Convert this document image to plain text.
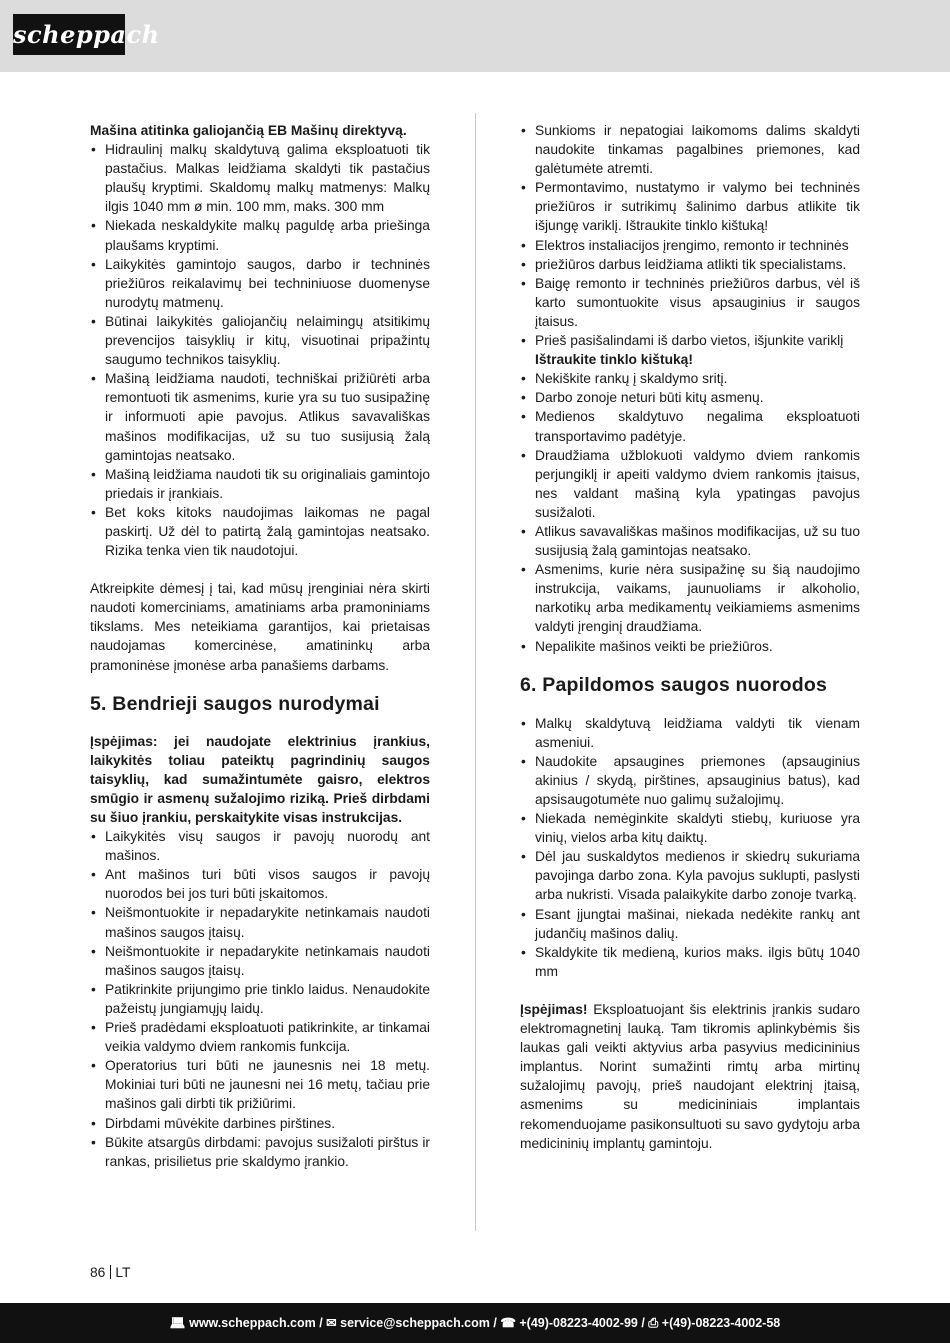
scheppach

Mašina atitinka galiojančią EB Mašinų direktyvą.

• Hidraulinį malkų skaldytuvą galima eksploatuoti tik pastačius. Malkas leidžiama skaldyti tik pastačius plaušų kryptimi. Skaldomų malkų matmenys: Malkų ilgis 1040 mm ø min. 100 mm, maks. 300 mm
• Niekada neskaldykite malkų paguldę arba priešinga plaušams kryptimi.
• Laikykitės gamintojo saugos, darbo ir techninės priežiūros reikalavimų bei techniniuose duomenyse nurodytų matmenų.
• Būtinai laikykitės galiojančių nelaimingų atsitikimų prevencijos taisyklių ir kitų, visuotinai pripažintų saugumo technikos taisyklių.
• Mašiną leidžiama naudoti, techniškai prižiūrėti arba remontuoti tik asmenims, kurie yra su tuo susipažinę ir informuoti apie pavojus. Atlikus savavališkas mašinos modifikacijas, už su tuo susijusią žalą gamintojas neatsako.
• Mašiną leidžiama naudoti tik su originaliais gamintojo priedais ir įrankiais.
• Bet koks kitoks naudojimas laikomas ne pagal paskirtį. Už dėl to patirtą žalą gamintojas neatsako. Rizika tenka vien tik naudotojui.

Atkreipkite dėmesį į tai, kad mūsų įrenginiai nėra skirti naudoti komerciniams, amatiniams arba pramoniniams tikslams. Mes neteikiama garantijos, kai prietaisas naudojamas komercinėse, amatininkų arba pramoninėse įmonėse arba panašiems darbams.

5. Bendrieji saugos nurodymai

Įspėjimas: jei naudojate elektrinius įrankius, laikykitės toliau pateiktų pagrindinių saugos taisyklių, kad sumažintumėte gaisro, elektros smūgio ir asmenų sužalojimo riziką. Prieš dirbdami su šiuo įrankiu, perskaitykite visas instrukcijas.

• Laikykitės visų saugos ir pavojų nuorodų ant mašinos.
• Ant mašinos turi būti visos saugos ir pavojų nuorodos bei jos turi būti įskaitomos.
• Neišmontuokite ir nepadarykite netinkamais naudoti mašinos saugos įtaisų.
• Neišmontuokite ir nepadarykite netinkamais naudoti mašinos saugos įtaisų.
• Patikrinkite prijungimo prie tinklo laidus. Nenaudokite pažeistų jungiamųjų laidų.
• Prieš pradėdami eksploatuoti patikrinkite, ar tinkamai veikia valdymo dviem rankomis funkcija.
• Operatorius turi būti ne jaunesnis nei 18 metų. Mokiniai turi būti ne jaunesni nei 16 metų, tačiau prie mašinos gali dirbti tik prižiūrimi.
• Dirbdami mūvėkite darbines pirštines.
• Būkite atsargūs dirbdami: pavojus susižaloti pirštus ir rankas, prisilietus prie skaldymo įrankio.
• Sunkioms ir nepatogiai laikomoms dalims skaldyti naudokite tinkamas pagalbines priemones, kad galėtumėte atremti.
• Permontavimo, nustatymo ir valymo bei techninės priežiūros ir sutrikimų šalinimo darbus atlikite tik išjungę variklį. Ištraukite tinklo kištuką!
• Elektros instaliacijos įrengimo, remonto ir techninės
• priežiūros darbus leidžiama atlikti tik specialistams.
• Baigę remonto ir techninės priežiūros darbus, vėl iš karto sumontuokite visus apsauginius ir saugos įtaisus.
• Prieš pasišalindami iš darbo vietos, išjunkite variklį
Ištraukite tinklo kištuką!
• Nekiškite rankų į skaldymo sritį.
• Darbo zonoje neturi būti kitų asmenų.
• Medienos skaldytuvo negalima eksploatuoti transportavimo padėtyje.
• Draudžiama užblokuoti valdymo dviem rankomis perjungiklį ir apeiti valdymo dviem rankomis įtaisus, nes valdant mašiną kyla ypatingas pavojus susižaloti.
• Atlikus savavališkas mašinos modifikacijas, už su tuo susijusią žalą gamintojas neatsako.
• Asmenims, kurie nėra susipažinę su šią naudojimo instrukcija, vaikams, jaunuoliams ir alkoholio, narkotikų arba medikamentų veikiamiems asmenims valdyti įrenginį draudžiama.
• Nepalikite mašinos veikti be priežiūros.
6. Papildomos saugos nuorodos
• Malkų skaldytuvą leidžiama valdyti tik vienam asmeniui.
• Naudokite apsaugines priemones (apsauginius akinius / skydą, pirštines, apsauginius batus), kad apsisaugotumėte nuo galimų sužalojimų.
• Niekada nemėginkite skaldyti stiebų, kuriuose yra vinių, vielos arba kitų daiktų.
• Dėl jau suskaldytos medienos ir skiedrų sukuriama pavojinga darbo zona. Kyla pavojus suklupti, paslysti arba nukristi. Visada palaikykite darbo zonoje tvarką.
• Esant įjungtai mašinai, niekada nedėkite rankų ant judančių mašinos dalių.
• Skaldykite tik medieną, kurios maks. ilgis būtų 1040 mm

Įspėjimas! Eksploatuojant šis elektrinis įrankis sudaro elektromagnetinį lauką. Tam tikromis aplinkybėmis šis laukas gali veikti aktyvius arba pasyvius medicininius implantus. Norint sumažinti rimtų arba mirtinų sužalojimų pavojų, prieš naudojant elektrinį įtaisą, asmenims su medicininiais implantais rekomenduojame pasikonsultuoti su savo gydytoju arba medicininių implantų gamintoju.

86 LT
💻︎ www.scheppach.com / ✉︎ service@scheppach.com / ☎︎ +(49)-08223-4002-99 / ⎙ +(49)-08223-4002-58
